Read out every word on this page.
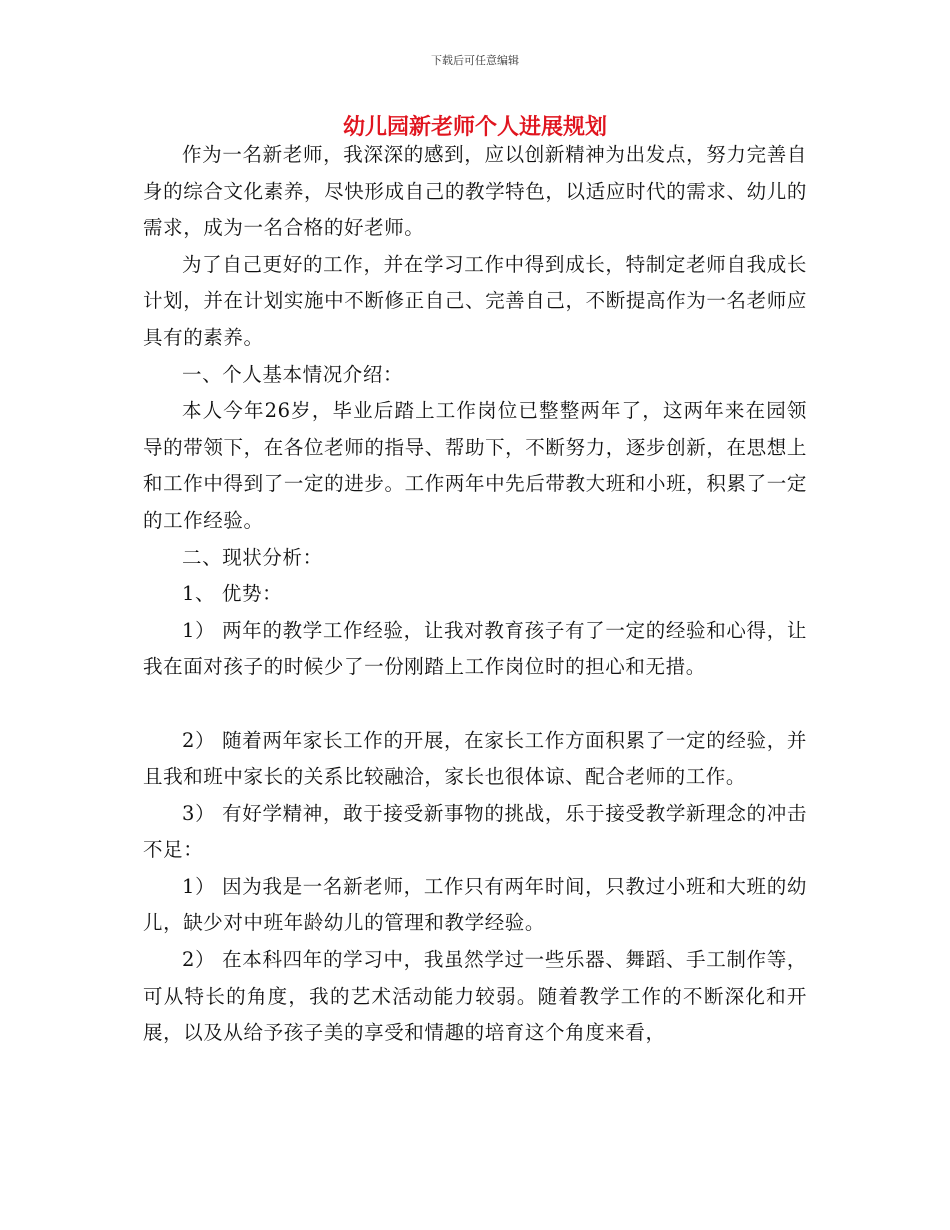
下载后可任意编辑
幼儿园新老师个人进展规划

作为一名新老师，我深深的感到，应以创新精神为出发点，努力完善自身的综合文化素养，尽快形成自己的教学特色，以适应时代的需求、幼儿的需求，成为一名合格的好老师。

为了自己更好的工作，并在学习工作中得到成长，特制定老师自我成长计划，并在计划实施中不断修正自己、完善自己，不断提高作为一名老师应具有的素养。

一、个人基本情况介绍：

本人今年26岁，毕业后踏上工作岗位已整整两年了，这两年来在园领导的带领下，在各位老师的指导、帮助下，不断努力，逐步创新，在思想上和工作中得到了一定的进步。工作两年中先后带教大班和小班，积累了一定的工作经验。

二、现状分析：

1、 优势：

1） 两年的教学工作经验，让我对教育孩子有了一定的经验和心得，让我在面对孩子的时候少了一份刚踏上工作岗位时的担心和无措。

2） 随着两年家长工作的开展，在家长工作方面积累了一定的经验，并且我和班中家长的关系比较融洽，家长也很体谅、配合老师的工作。

3） 有好学精神，敢于接受新事物的挑战，乐于接受教学新理念的冲击不足：

1） 因为我是一名新老师，工作只有两年时间，只教过小班和大班的幼儿，缺少对中班年龄幼儿的管理和教学经验。

2） 在本科四年的学习中，我虽然学过一些乐器、舞蹈、手工制作等，可从特长的角度，我的艺术活动能力较弱。随着教学工作的不断深化和开展，以及从给予孩子美的享受和情趣的培育这个角度来看，
